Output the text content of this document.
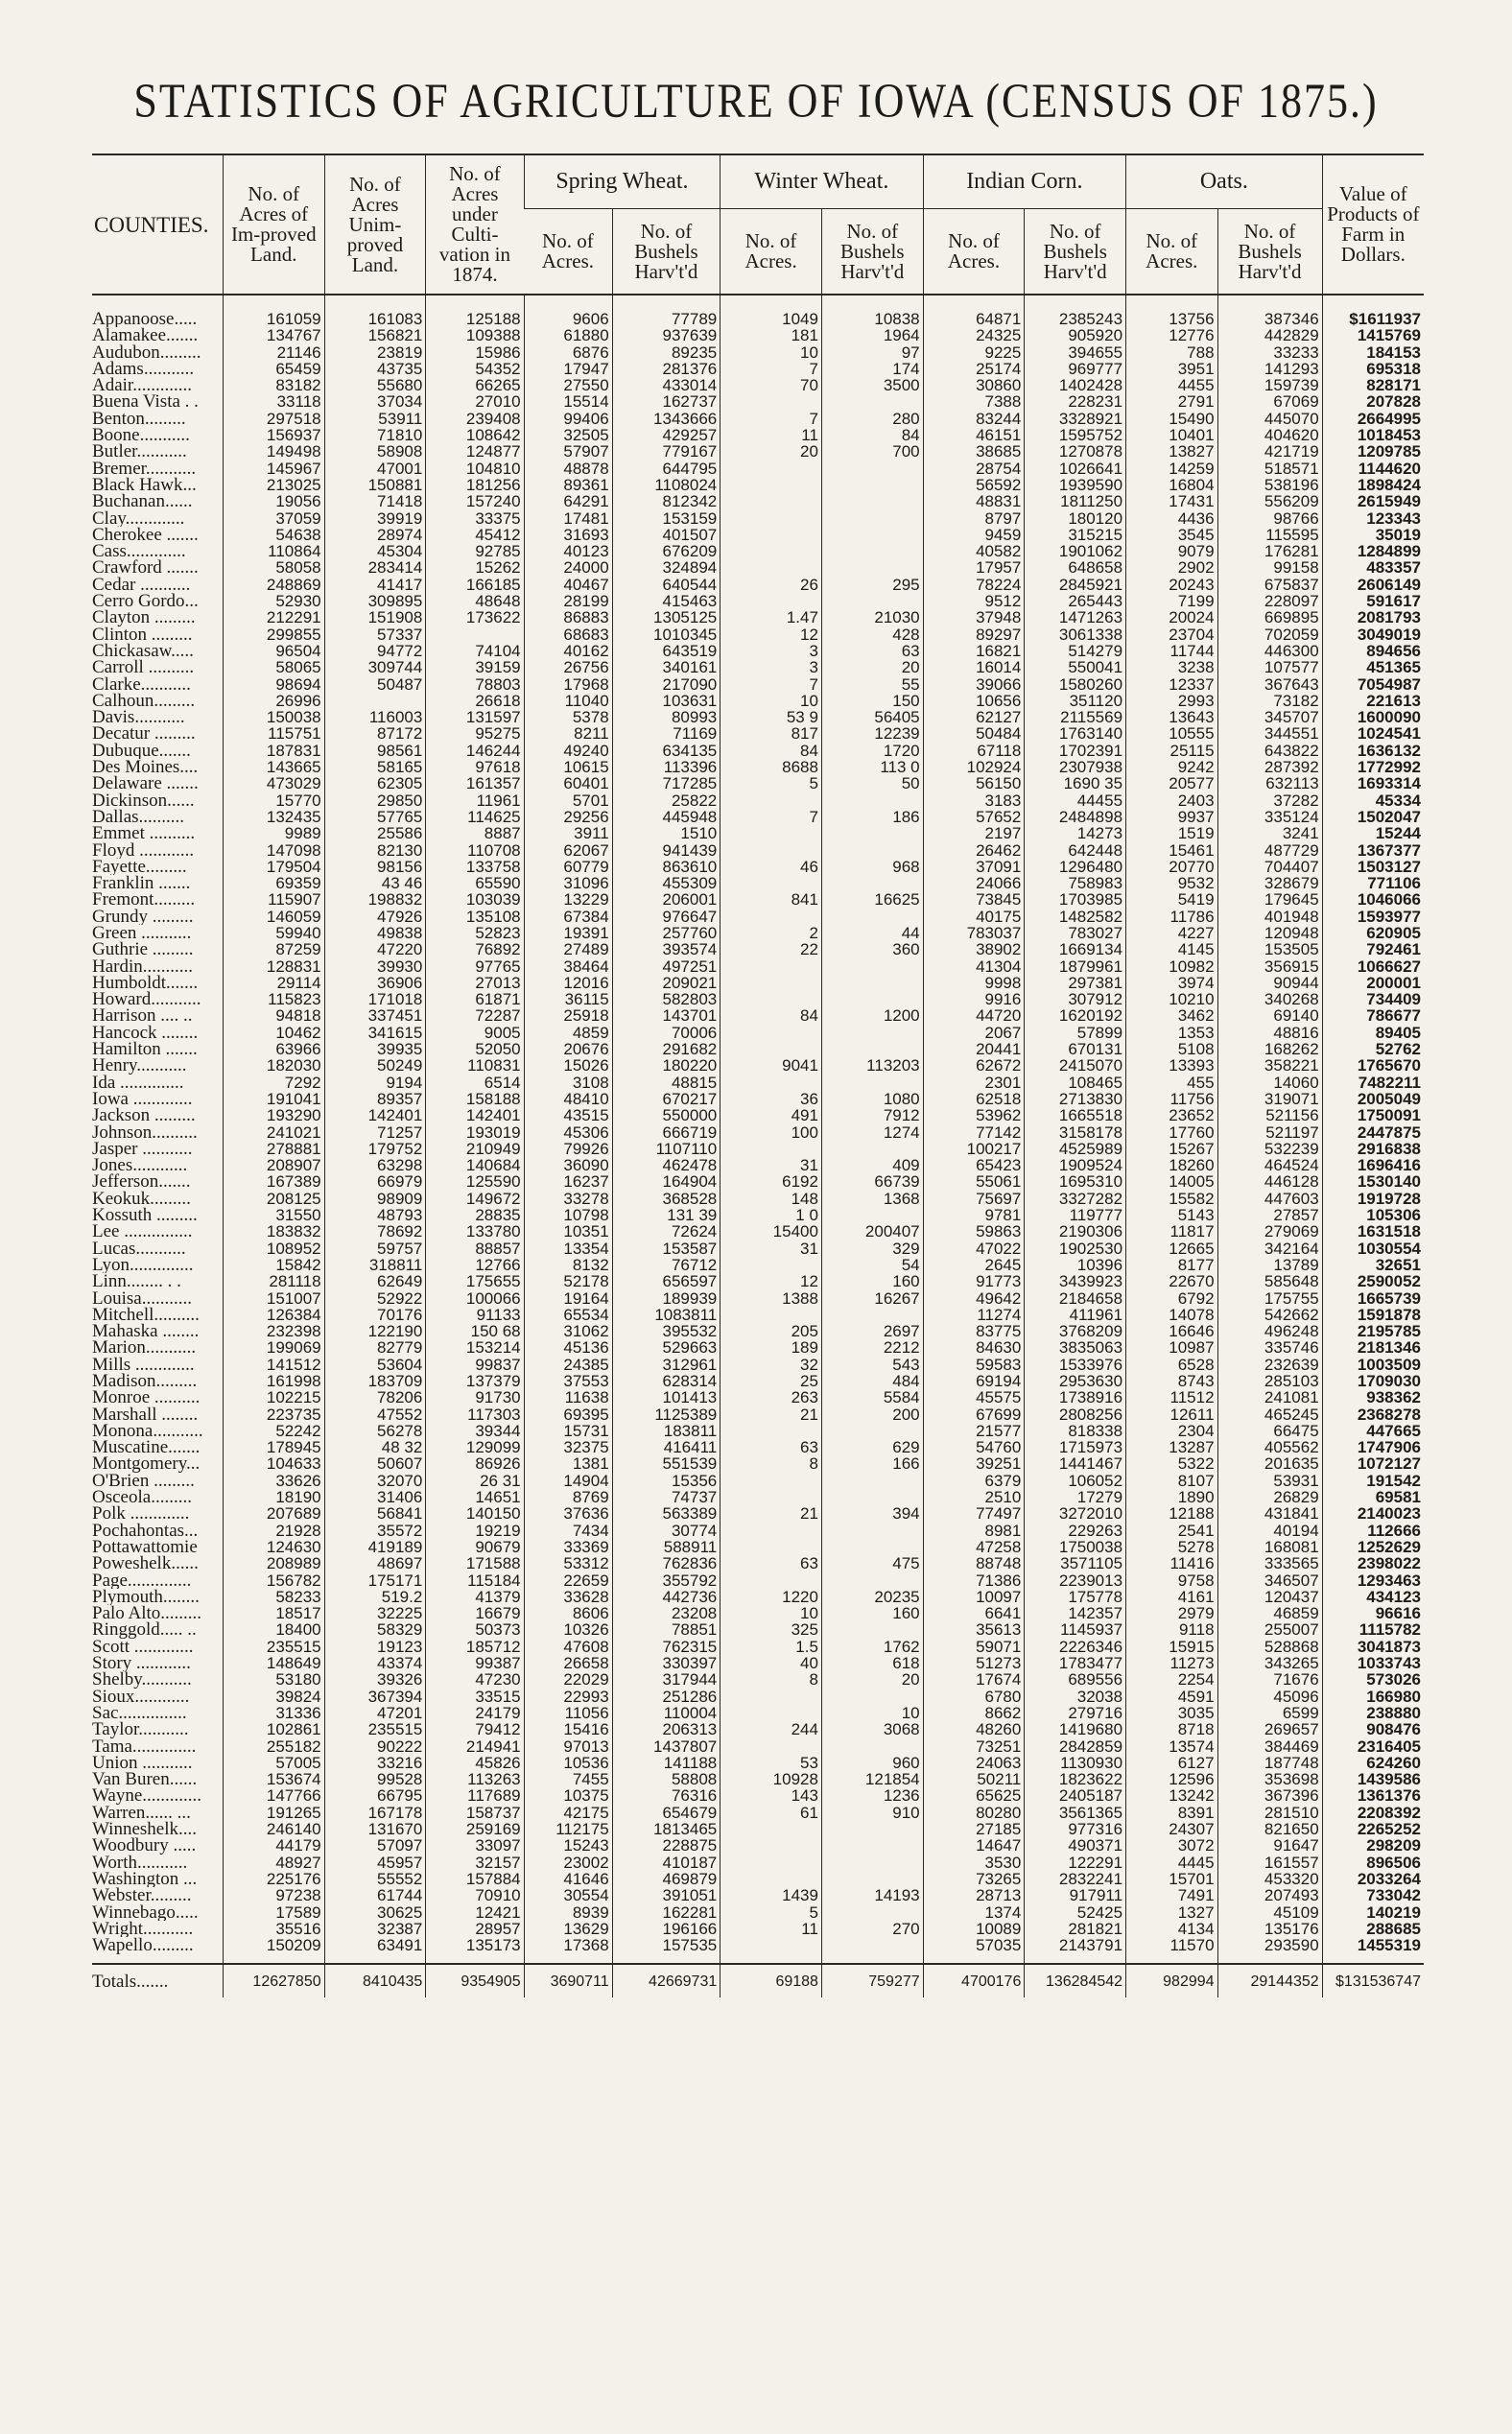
STATISTICS OF AGRICULTURE OF IOWA (CENSUS OF 1875.)
COUNTIES.	No. of Acres of Im-proved Land.	No. of Acres Unim-proved Land.	No. of Acres under Culti-vation in 1874.	Spring Wheat.		Winter Wheat.		Indian Corn.		Oats.		Value of Products of Farm in Dollars.
				No. of Acres.	No. of Bushels Harv't'd	No. of Acres.	No. of Bushels Harv't'd	No. of Acres.	No. of Bushels Harv't'd	No. of Acres.	No. of Bushels Harv't'd	
Appanoose.....	161059	161083	125188	9606	77789	1049	10838	64871	2385243	13756	387346	$1611937
Alamakee.......	134767	156821	109388	61880	937639	181	1964	24325	905920	12776	442829	1415769
Audubon.........	21146	23819	15986	6876	89235	10	97	9225	394655	788	33233	184153
Adams...........	65459	43735	54352	17947	281376	7	174	25174	969777	3951	141293	695318
Adair.............	83182	55680	66265	27550	433014	70	3500	30860	1402428	4455	159739	828171
Buena Vista . .	33118	37034	27010	15514	162737			7388	228231	2791	67069	207828
Benton.........	297518	53911	239408	99406	1343666	7	280	83244	3328921	15490	445070	2664995
Boone...........	156937	71810	108642	32505	429257	11	84	46151	1595752	10401	404620	1018453
Butler...........	149498	58908	124877	57907	779167	20	700	38685	1270878	13827	421719	1209785
Bremer...........	145967	47001	104810	48878	644795			28754	1026641	14259	518571	1144620
Black Hawk...	213025	150881	181256	89361	1108024			56592	1939590	16804	538196	1898424
Buchanan......	19056	71418	157240	64291	812342			48831	1811250	17431	556209	2615949
Clay.............	37059	39919	33375	17481	153159			8797	180120	4436	98766	123343
Cherokee .......	54638	28974	45412	31693	401507			9459	315215	3545	115595	35019
Cass.............	110864	45304	92785	40123	676209			40582	1901062	9079	176281	1284899
Crawford .......	58058	283414	15262	24000	324894			17957	648658	2902	99158	483357
Cedar ...........	248869	41417	166185	40467	640544	26	295	78224	2845921	20243	675837	2606149
Cerro Gordo...	52930	309895	48648	28199	415463			9512	265443	7199	228097	591617
Clayton .........	212291	151908	173622	86883	1305125	1.47	21030	37948	1471263	20024	669895	2081793
Clinton .........	299855	57337		68683	1010345	12	428	89297	3061338	23704	702059	3049019
Chickasaw.....	96504	94772	74104	40162	643519	3	63	16821	514279	11744	446300	894656
Carroll ..........	58065	309744	39159	26756	340161	3	20	16014	550041	3238	107577	451365
Clarke...........	98694	50487	78803	17968	217090	7	55	39066	1580260	12337	367643	7054987
Calhoun.........	26996		26618	11040	103631	10	150	10656	351120	2993	73182	221613
Davis...........	150038	116003	131597	5378	80993	53 9	56405	62127	2115569	13643	345707	1600090
Decatur .........	115751	87172	95275	8211	71169	817	12239	50484	1763140	10555	344551	1024541
Dubuque.......	187831	98561	146244	49240	634135	84	1720	67118	1702391	25115	643822	1636132
Des Moines....	143665	58165	97618	10615	113396	8688	113 0	102924	2307938	9242	287392	1772992
Delaware .......	473029	62305	161357	60401	717285	5	50	56150	1690 35	20577	632113	1693314
Dickinson......	15770	29850	11961	5701	25822			3183	44455	2403	37282	45334
Dallas..........	132435	57765	114625	29256	445948	7	186	57652	2484898	9937	335124	1502047
Emmet ..........	9989	25586	8887	3911	1510			2197	14273	1519	3241	15244
Floyd ............	147098	82130	110708	62067	941439			26462	642448	15461	487729	1367377
Fayette.........	179504	98156	133758	60779	863610	46	968	37091	1296480	20770	704407	1503127
Franklin .......	69359	43 46	65590	31096	455309			24066	758983	9532	328679	771106
Fremont.........	115907	198832	103039	13229	206001	841	16625	73845	1703985	5419	179645	1046066
Grundy .........	146059	47926	135108	67384	976647			40175	1482582	11786	401948	1593977
Green ...........	59940	49838	52823	19391	257760	2	44	783037	783027	4227	120948	620905
Guthrie .........	87259	47220	76892	27489	393574	22	360	38902	1669134	4145	153505	792461
Hardin...........	128831	39930	97765	38464	497251			41304	1879961	10982	356915	1066627
Humboldt.......	29114	36906	27013	12016	209021			9998	297381	3974	90944	200001
Howard...........	115823	171018	61871	36115	582803			9916	307912	10210	340268	734409
Harrison .... ..	94818	337451	72287	25918	143701	84	1200	44720	1620192	3462	69140	786677
Hancock ........	10462	341615	9005	4859	70006			2067	57899	1353	48816	89405
Hamilton .......	63966	39935	52050	20676	291682			20441	670131	5108	168262	52762
Henry...........	182030	50249	110831	15026	180220	9041	113203	62672	2415070	13393	358221	1765670
Ida ..............	7292	9194	6514	3108	48815			2301	108465	455	14060	7482211
Iowa .............	191041	89357	158188	48410	670217	36	1080	62518	2713830	11756	319071	2005049
Jackson .........	193290	142401	142401	43515	550000	491	7912	53962	1665518	23652	521156	1750091
Johnson..........	241021	71257	193019	45306	666719	100	1274	77142	3158178	17760	521197	2447875
Jasper ...........	278881	179752	210949	79926	1107110			100217	4525989	15267	532239	2916838
Jones............	208907	63298	140684	36090	462478	31	409	65423	1909524	18260	464524	1696416
Jefferson.......	167389	66979	125590	16237	164904	6192	66739	55061	1695310	14005	446128	1530140
Keokuk.........	208125	98909	149672	33278	368528	148	1368	75697	3327282	15582	447603	1919728
Kossuth .........	31550	48793	28835	10798	131 39	1 0		9781	119777	5143	27857	105306
Lee ...............	183832	78692	133780	10351	72624	15400	200407	59863	2190306	11817	279069	1631518
Lucas...........	108952	59757	88857	13354	153587	31	329	47022	1902530	12665	342164	1030554
Lyon..............	15842	318811	12766	8132	76712		54	2645	10396	8177	13789	32651
Linn........ . .	281118	62649	175655	52178	656597	12	160	91773	3439923	22670	585648	2590052
Louisa...........	151007	52922	100066	19164	189939	1388	16267	49642	2184658	6792	175755	1665739
Mitchell..........	126384	70176	91133	65534	1083811			11274	411961	14078	542662	1591878
Mahaska ........	232398	122190	150 68	31062	395532	205	2697	83775	3768209	16646	496248	2195785
Marion...........	199069	82779	153214	45136	529663	189	2212	84630	3835063	10987	335746	2181346
Mills .............	141512	53604	99837	24385	312961	32	543	59583	1533976	6528	232639	1003509
Madison.........	161998	183709	137379	37553	628314	25	484	69194	2953630	8743	285103	1709030
Monroe ..........	102215	78206	91730	11638	101413	263	5584	45575	1738916	11512	241081	938362
Marshall ........	223735	47552	117303	69395	1125389	21	200	67699	2808256	12611	465245	2368278
Monona...........	52242	56278	39344	15731	183811			21577	818338	2304	66475	447665
Muscatine.......	178945	48 32	129099	32375	416411	63	629	54760	1715973	13287	405562	1747906
Montgomery...	104633	50607	86926	1381	551539	8	166	39251	1441467	5322	201635	1072127
O'Brien .........	33626	32070	26 31	14904	15356			6379	106052	8107	53931	191542
Osceola.........	18190	31406	14651	8769	74737			2510	17279	1890	26829	69581
Polk .............	207689	56841	140150	37636	563389	21	394	77497	3272010	12188	431841	2140023
Pochahontas...	21928	35572	19219	7434	30774			8981	229263	2541	40194	112666
Pottawattomie	124630	419189	90679	33369	588911			47258	1750038	5278	168081	1252629
Poweshelk......	208989	48697	171588	53312	762836	63	475	88748	3571105	11416	333565	2398022
Page..............	156782	175171	115184	22659	355792			71386	2239013	9758	346507	1293463
Plymouth........	58233	519.2	41379	33628	442736	1220	20235	10097	175778	4161	120437	434123
Palo Alto.........	18517	32225	16679	8606	23208	10	160	6641	142357	2979	46859	96616
Ringgold..... ..	18400	58329	50373	10326	78851	325		35613	1145937	9118	255007	1115782
Scott .............	235515	19123	185712	47608	762315	1.5	1762	59071	2226346	15915	528868	3041873
Story ............	148649	43374	99387	26658	330397	40	618	51273	1783477	11273	343265	1033743
Shelby...........	53180	39326	47230	22029	317944	8	20	17674	689556	2254	71676	573026
Sioux............	39824	367394	33515	22993	251286			6780	32038	4591	45096	166980
Sac...............	31336	47201	24179	11056	110004		10	8662	279716	3035	6599	238880
Taylor...........	102861	235515	79412	15416	206313	244	3068	48260	1419680	8718	269657	908476
Tama..............	255182	90222	214941	97013	1437807			73251	2842859	13574	384469	2316405
Union ...........	57005	33216	45826	10536	141188	53	960	24063	1130930	6127	187748	624260
Van Buren......	153674	99528	113263	7455	58808	10928	121854	50211	1823622	12596	353698	1439586
Wayne.............	147766	66795	117689	10375	76316	143	1236	65625	2405187	13242	367396	1361376
Warren...... ...	191265	167178	158737	42175	654679	61	910	80280	3561365	8391	281510	2208392
Winneshelk....	246140	131670	259169	112175	1813465			27185	977316	24307	821650	2265252
Woodbury .....	44179	57097	33097	15243	228875			14647	490371	3072	91647	298209
Worth...........	48927	45957	32157	23002	410187			3530	122291	4445	161557	896506
Washington ...	225176	55552	157884	41646	469879			73265	2832241	15701	453320	2033264
Webster.........	97238	61744	70910	30554	391051	1439	14193	28713	917911	7491	207493	733042
Winnebago.....	17589	30625	12421	8939	162281	5		1374	52425	1327	45109	140219
Wright...........	35516	32387	28957	13629	196166	11	270	10089	281821	4134	135176	288685
Wapello.........	150209	63491	135173	17368	157535			57035	2143791	11570	293590	1455319
Totals.......	12627850	8410435	9354905	3690711	42669731	69188	759277	4700176	136284542	982994	29144352	$131536747
